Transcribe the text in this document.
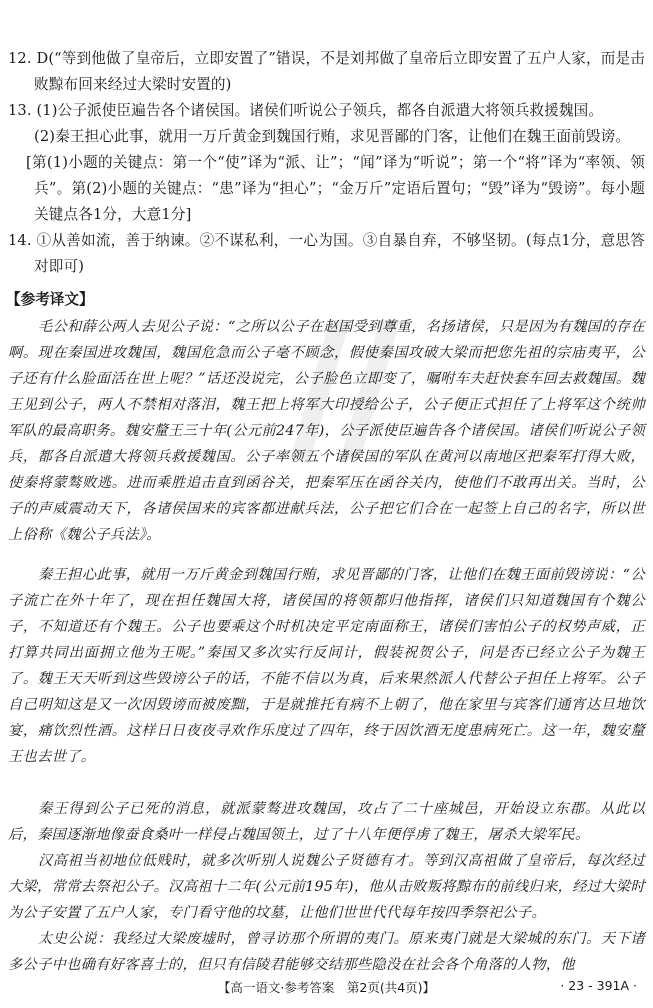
12. D(“等到他做了皇帝后，立即安置了”错误，不是刘邦做了皇帝后立即安置了五户人家，而是击败黥布回来经过大梁时安置的)
13. (1)公子派使臣遍告各个诸侯国。诸侯们听说公子领兵，都各自派遣大将领兵救援魏国。
(2)秦王担心此事，就用一万斤黄金到魏国行贿，求见晋鄙的门客，让他们在魏王面前毁谤。
[第(1)小题的关键点：第一个“使”译为“派、让”；“闻”译为“听说”；第一个“将”译为“率领、领兵”。第(2)小题的关键点：“患”译为“担心”；“金万斤”定语后置句；“毁”译为“毁谤”。每小题关键点各1分，大意1分]
14. ①从善如流，善于纳谏。②不谋私利，一心为国。③自暴自弃，不够坚韧。(每点1分，意思答对即可)
【参考译文】
毛公和薛公两人去见公子说：“之所以公子在赵国受到尊重，名扬诸侯，只是因为有魏国的存在啊。现在秦国进攻魏国，魏国危急而公子毫不顾念，假使秦国攻破大梁而把您先祖的宗庙夷平，公子还有什么脸面活在世上呢？”话还没说完，公子脸色立即变了，嘱咐车夫赶快套车回去救魏国。魏王见到公子，两人不禁相对落泪，魏王把上将军大印授给公子，公子便正式担任了上将军这个统帅军队的最高职务。魏安釐王三十年(公元前247年)，公子派使臣遍告各个诸侯国。诸侯们听说公子领兵，都各自派遣大将领兵救援魏国。公子率领五个诸侯国的军队在黄河以南地区把秦军打得大败，使秦将蒙骜败逃。进而乘胜追击直到函谷关，把秦军压在函谷关内，使他们不敢再出关。当时，公子的声威震动天下，各诸侯国来的宾客都进献兵法，公子把它们合在一起签上自己的名字，所以世上俗称《魏公子兵法》。
秦王担心此事，就用一万斤黄金到魏国行贿，求见晋鄙的门客，让他们在魏王面前毁谤说：“公子流亡在外十年了，现在担任魏国大将，诸侯国的将领都归他指挥，诸侯们只知道魏国有个魏公子，不知道还有个魏王。公子也要乘这个时机决定平定南面称王，诸侯们害怕公子的权势声威，正打算共同出面拥立他为王呢。”秦国又多次实行反间计，假装祝贺公子，问是否已经立公子为魏王了。魏王天天听到这些毁谤公子的话，不能不信以为真，后来果然派人代替公子担任上将军。公子自己明知这是又一次因毁谤而被废黜，于是就推托有病不上朝了，他在家里与宾客们通宵达旦地饮宴，痛饮烈性酒。这样日日夜夜寻欢作乐度过了四年，终于因饮酒无度患病死亡。这一年，魏安釐王也去世了。
秦王得到公子已死的消息，就派蒙骜进攻魏国，攻占了二十座城邑，开始设立东郡。从此以后，秦国逐渐地像蚕食桑叶一样侵占魏国领土，过了十八年便俘虏了魏王，屠杀大梁军民。
汉高祖当初地位低贱时，就多次听别人说魏公子贤德有才。等到汉高祖做了皇帝后，每次经过大梁，常常去祭祀公子。汉高祖十二年(公元前195年)，他从击败叛将黥布的前线归来，经过大梁时为公子安置了五户人家，专门看守他的坟墓，让他们世世代代每年按四季祭祀公子。
太史公说：我经过大梁废墟时，曾寻访那个所谓的夷门。原来夷门就是大梁城的东门。天下诸多公子中也确有好客喜士的，但只有信陵君能够交结那些隐没在社会各个角落的人物，他
【高一语文·参考答案　第2页(共4页)】	· 23 - 391A ·
